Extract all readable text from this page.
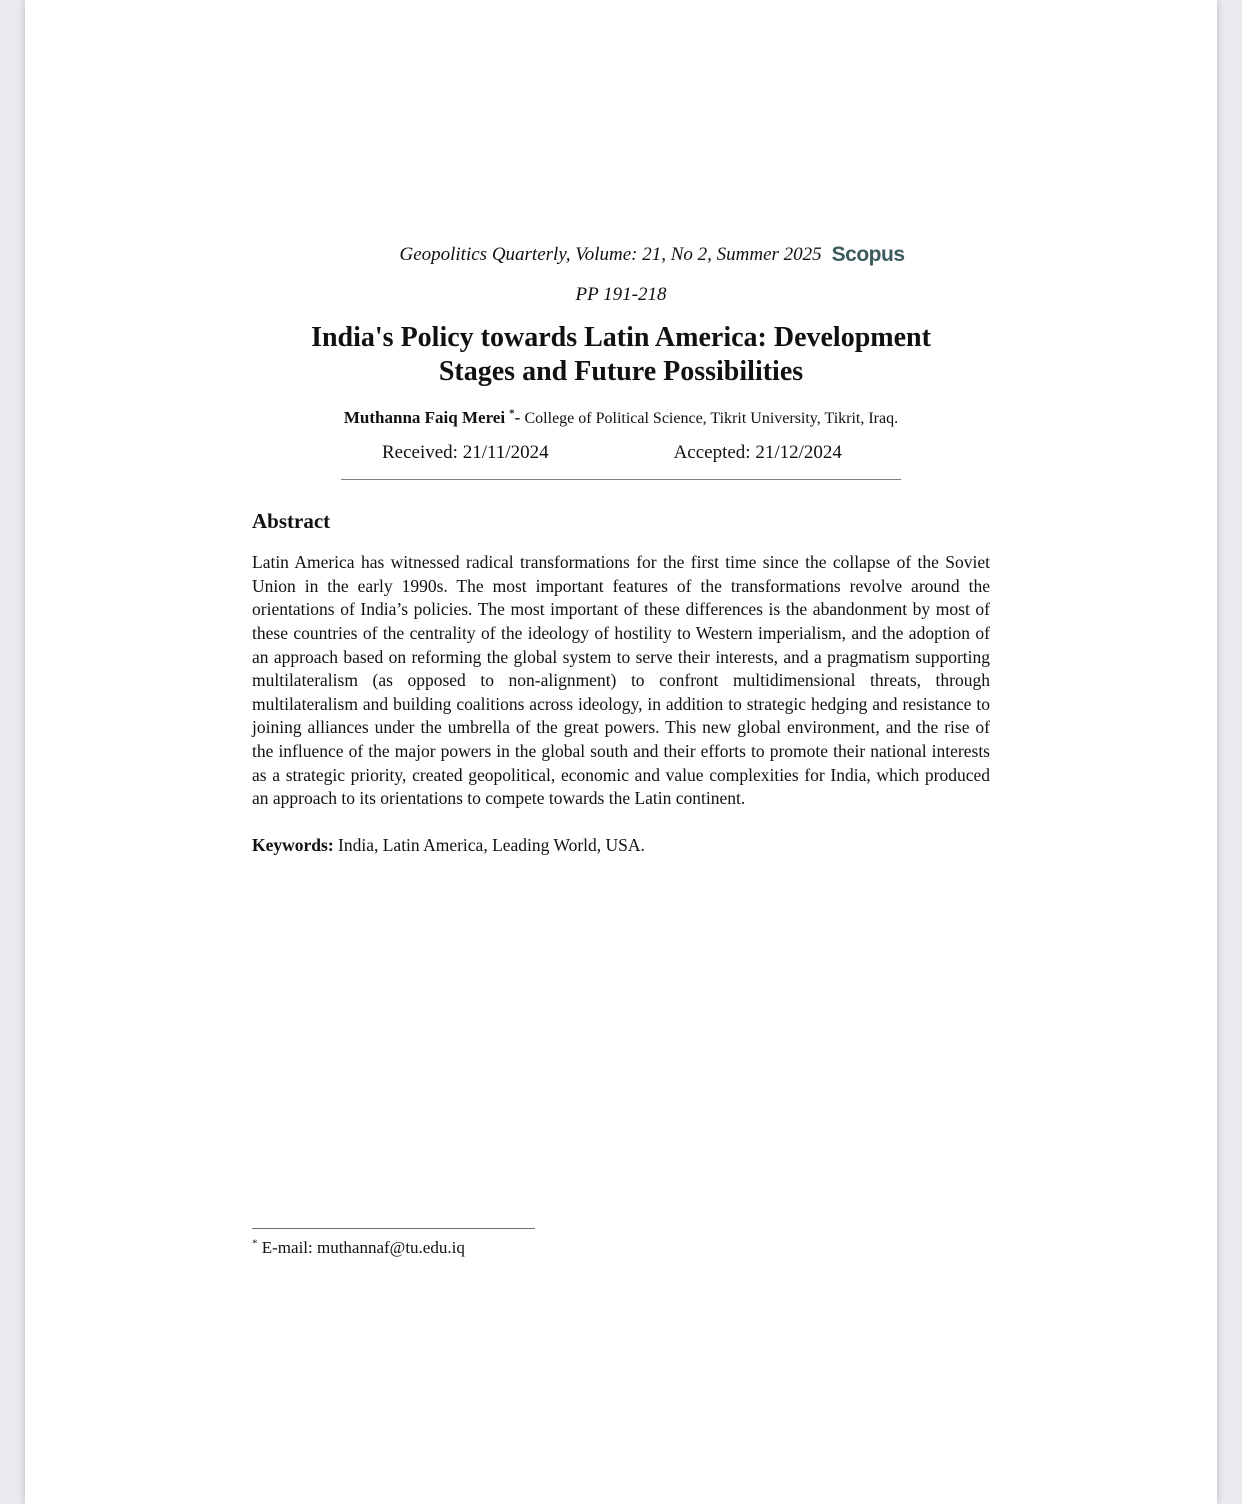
Geopolitics Quarterly, Volume: 21, No 2, Summer 2025 Scopus
PP 191-218
India's Policy towards Latin America: Development
Stages and Future Possibilities
Muthanna Faiq Merei *- College of Political Science, Tikrit University, Tikrit, Iraq.
Received: 21/11/2024	Accepted: 21/12/2024
Abstract

Latin America has witnessed radical transformations for the first time since the collapse of the Soviet Union in the early 1990s. The most important features of the transformations revolve around the orientations of India’s policies. The most important of these differences is the abandonment by most of these countries of the centrality of the ideology of hostility to Western imperialism, and the adoption of an approach based on reforming the global system to serve their interests, and a pragmatism supporting multilateralism (as opposed to non-alignment) to confront multidimensional threats, through multilateralism and building coalitions across ideology, in addition to strategic hedging and resistance to joining alliances under the umbrella of the great powers. This new global environment, and the rise of the influence of the major powers in the global south and their efforts to promote their national interests as a strategic priority, created geopolitical, economic and value complexities for India, which produced an approach to its orientations to compete towards the Latin continent.

Keywords: India, Latin America, Leading World, USA.
* E-mail: muthannaf@tu.edu.iq
